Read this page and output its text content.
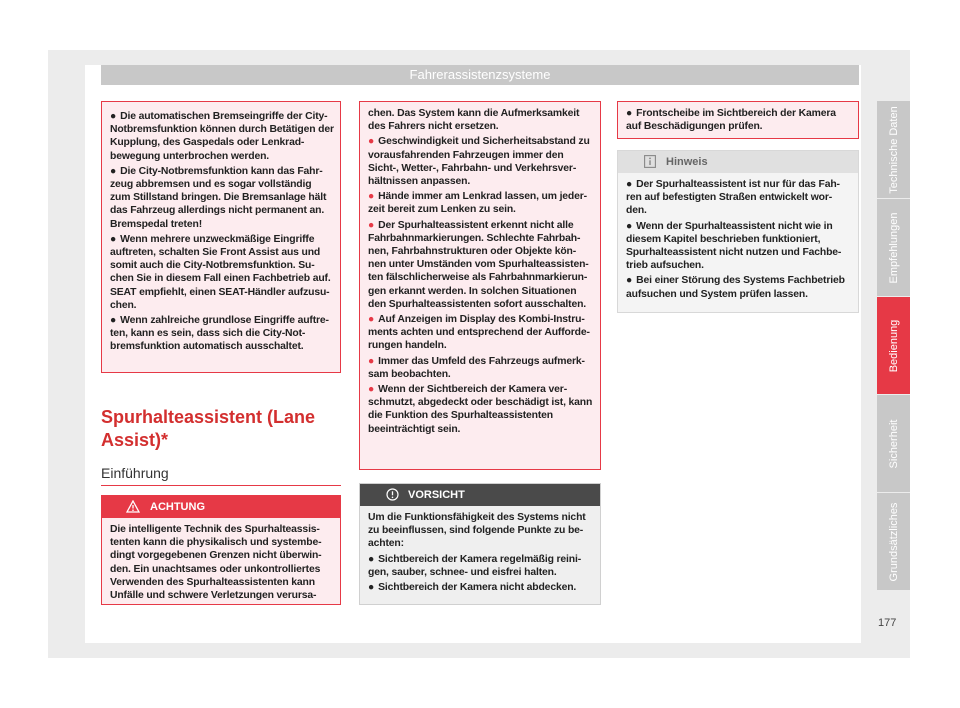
Fahrerassistenzsysteme
● Die automatischen Bremseingriffe der City-Notbremsfunktion können durch Betätigen der Kupplung, des Gaspedals oder Lenkrad-bewegung unterbrochen werden.
● Die City-Notbremsfunktion kann das Fahr-zeug abbremsen und es sogar vollständig zum Stillstand bringen. Die Bremsanlage hält das Fahrzeug allerdings nicht permanent an. Bremspedal treten!
● Wenn mehrere unzweckmäßige Eingriffe auftreten, schalten Sie Front Assist aus und somit auch die City-Notbremsfunktion. Su-chen Sie in diesem Fall einen Fachbetrieb auf. SEAT empfiehlt, einen SEAT-Händler aufzusu-chen.
● Wenn zahlreiche grundlose Eingriffe auftre-ten, kann es sein, dass sich die City-Not-bremsfunktion automatisch ausschaltet.
Spurhalteassistent (Lane Assist)*
Einführung
ACHTUNG
Die intelligente Technik des Spurhalteassis-tenten kann die physikalisch und systembe-dingt vorgegebenen Grenzen nicht überwin-den. Ein unachtsames oder unkontrolliertes Verwenden des Spurhalteassistenten kann Unfälle und schwere Verletzungen verursa-
chen. Das System kann die Aufmerksamkeit des Fahrers nicht ersetzen.
● Geschwindigkeit und Sicherheitsabstand zu vorausfahrenden Fahrzeugen immer den Sicht-, Wetter-, Fahrbahn- und Verkehrsver-hältnissen anpassen.
● Hände immer am Lenkrad lassen, um jeder-zeit bereit zum Lenken zu sein.
● Der Spurhalteassistent erkennt nicht alle Fahrbahnmarkierungen. Schlechte Fahrbah-nen, Fahrbahnstrukturen oder Objekte kön-nen unter Umständen vom Spurhalteassisten-ten fälschlicherweise als Fahrbahnmarkierun-gen erkannt werden. In solchen Situationen den Spurhalteassistenten sofort ausschalten.
● Auf Anzeigen im Display des Kombi-Instru-ments achten und entsprechend der Aufforde-rungen handeln.
● Immer das Umfeld des Fahrzeugs aufmerk-sam beobachten.
● Wenn der Sichtbereich der Kamera ver-schmutzt, abgedeckt oder beschädigt ist, kann die Funktion des Spurhalteassistenten beeinträchtigt sein.
VORSICHT
Um die Funktionsfähigkeit des Systems nicht zu beeinflussen, sind folgende Punkte zu be-achten:
● Sichtbereich der Kamera regelmäßig reini-gen, sauber, schnee- und eisfrei halten.
● Sichtbereich der Kamera nicht abdecken.
● Frontscheibe im Sichtbereich der Kamera auf Beschädigungen prüfen.
Hinweis
● Der Spurhalteassistent ist nur für das Fah-ren auf befestigten Straßen entwickelt wor-den.
● Wenn der Spurhalteassistent nicht wie in diesem Kapitel beschrieben funktioniert, Spurhalteassistent nicht nutzen und Fachbe-trieb aufsuchen.
● Bei einer Störung des Systems Fachbetrieb aufsuchen und System prüfen lassen.
Technische Daten
Empfehlungen
Bedienung
Sicherheit
Grundsätzliches
177
